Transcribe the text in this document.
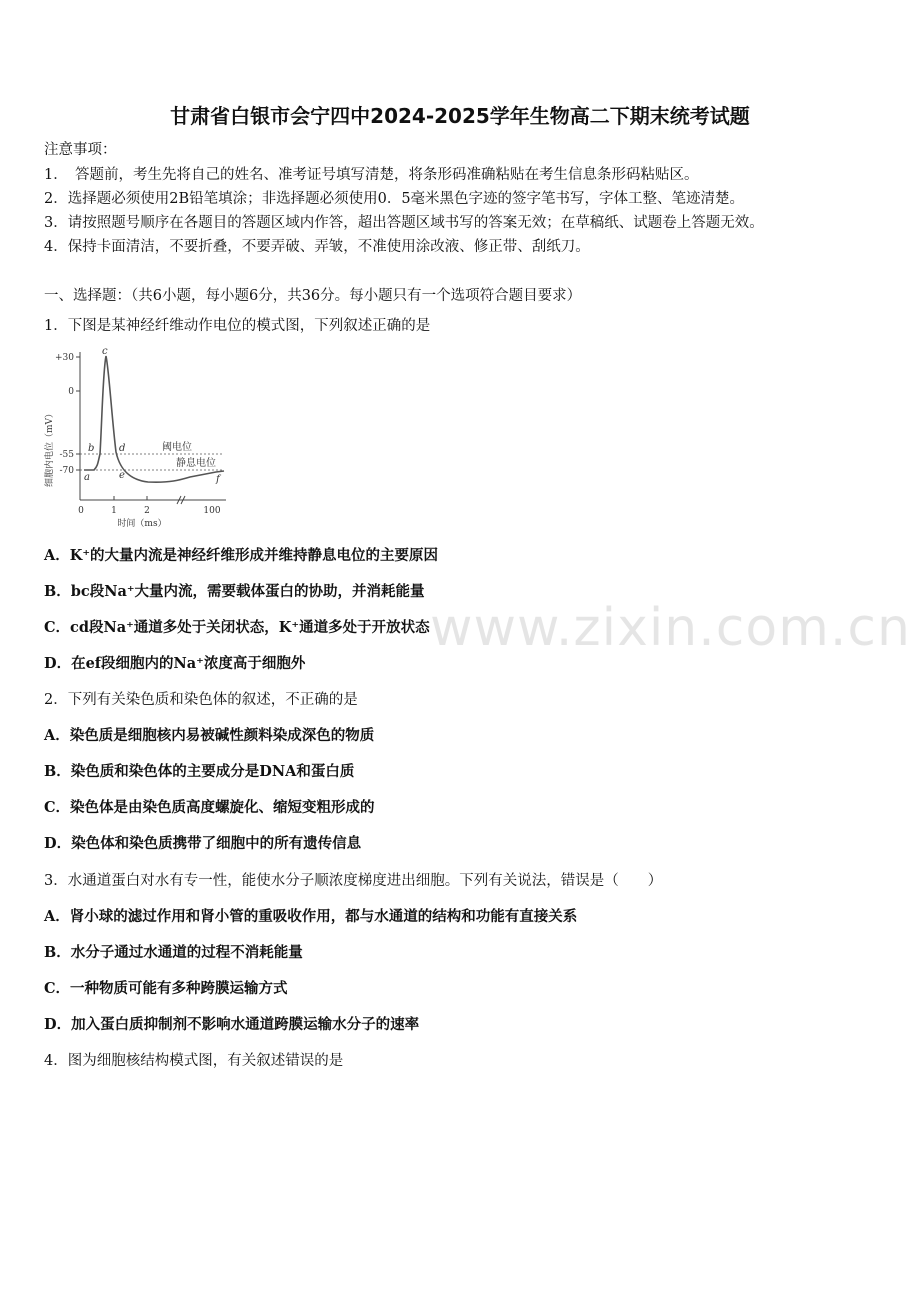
甘肃省白银市会宁四中2024-2025学年生物高二下期末统考试题
注意事项：
1．　答题前，考生先将自己的姓名、准考证号填写清楚，将条形码准确粘贴在考生信息条形码粘贴区。
2．选择题必须使用2B铅笔填涂；非选择题必须使用0．5毫米黑色字迹的签字笔书写，字体工整、笔迹清楚。
3．请按照题号顺序在各题目的答题区域内作答，超出答题区域书写的答案无效；在草稿纸、试题卷上答题无效。
4．保持卡面清洁，不要折叠，不要弄破、弄皱，不准使用涂改液、修正带、刮纸刀。
一、选择题：（共6小题，每小题6分，共36分。每小题只有一个选项符合题目要求）
1．下图是某神经纤维动作电位的模式图，下列叙述正确的是
细胞内电位（mV）
+30
0
-55
-70
0	1	2	100
时间（ms）
阈电位
静息电位
a
b
c
d
e	f
A．K⁺的大量内流是神经纤维形成并维持静息电位的主要原因
B．bc段Na⁺大量内流，需要载体蛋白的协助，并消耗能量
C．cd段Na⁺通道多处于关闭状态，K⁺通道多处于开放状态
D．在ef段细胞内的Na⁺浓度高于细胞外
2．下列有关染色质和染色体的叙述，不正确的是
A．染色质是细胞核内易被碱性颜料染成深色的物质
B．染色质和染色体的主要成分是DNA和蛋白质
C．染色体是由染色质高度螺旋化、缩短变粗形成的
D．染色体和染色质携带了细胞中的所有遗传信息
3．水通道蛋白对水有专一性，能使水分子顺浓度梯度进出细胞。下列有关说法，错误是（　　）
A．肾小球的滤过作用和肾小管的重吸收作用，都与水通道的结构和功能有直接关系
B．水分子通过水通道的过程不消耗能量
C．一种物质可能有多种跨膜运输方式
D．加入蛋白质抑制剂不影响水通道跨膜运输水分子的速率
4．图为细胞核结构模式图，有关叙述错误的是
www.zixin.com.cn
